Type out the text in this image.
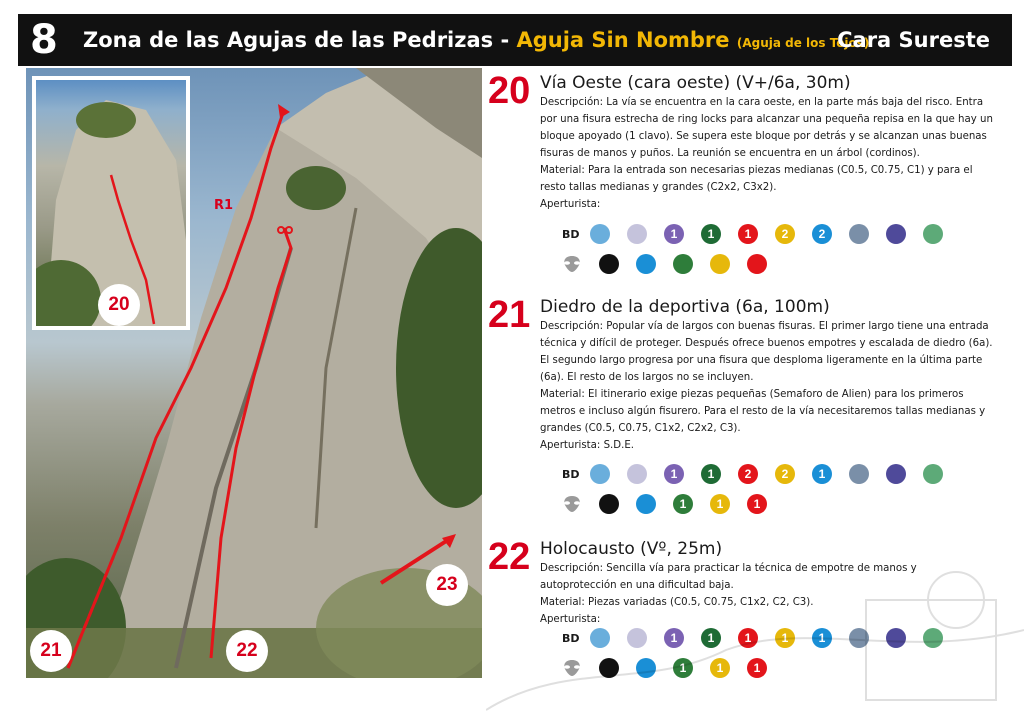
8 Zona de las Agujas de las Pedrizas - Aguja Sin Nombre (Aguja de los Tejos)
Cara Sureste
21	22
23
R1
20
20 Vía Oeste (cara oeste) (V+/6a, 30m)

Descripción: La vía se encuentra en la cara oeste, en la parte más baja del risco. Entra por una fisura estrecha de ring locks para alcanzar una pequeña repisa en la que hay un bloque apoyado (1 clavo). Se supera este bloque por detrás y se alcanzan unas buenas fisuras de manos y puños. La reunión se encuentra en un árbol (cordinos).

Material: Para la entrada son necesarias piezas medianas (C0.5, C0.75, C1) y para el resto tallas medianas y grandes (C2x2, C3x2).

Aperturista:

BD	1	1	1	2	2
21 Diedro de la deportiva (6a, 100m)

Descripción: Popular vía de largos con buenas fisuras. El primer largo tiene una entrada técnica y difícil de proteger. Después ofrece buenos empotres y escalada de diedro (6a). El segundo largo progresa por una fisura que desploma ligeramente en la última parte (6a). El resto de los largos no se incluyen.

Material: El itinerario exige piezas pequeñas (Semaforo de Alien) para los primeros metros e incluso algún fisurero. Para el resto de la vía necesitaremos tallas medianas y grandes (C0.5, C0.75, C1x2, C2x2, C3).

Aperturista: S.D.E.

BD	1	1	2	2	1
1	1	1
22 Holocausto (Vº, 25m)

Descripción: Sencilla vía para practicar la técnica de empotre de manos y autoprotección en una dificultad baja.

Material: Piezas variadas (C0.5, C0.75, C1x2, C2, C3).

Aperturista:

BD	1	1	1	1	1
1	1	1
